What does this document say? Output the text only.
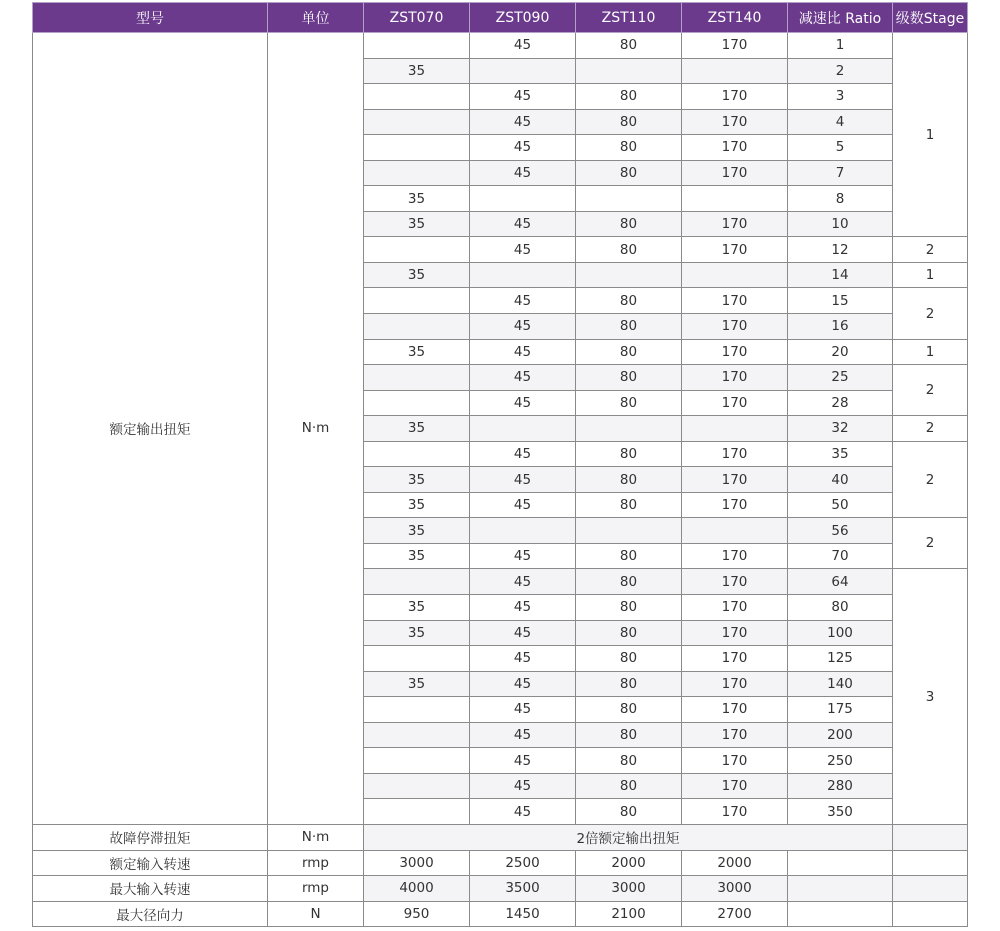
型号	单位	ZST070	ZST090	ZST110	ZST140	减速比 Ratio	级数Stage
额定输出扭矩	N·m		45	80	170	1	1
		35				2	
			45	80	170	3	
			45	80	170	4	
			45	80	170	5	
			45	80	170	7	
		35				8	
		35	45	80	170	10	
			45	80	170	12	2
		35				14	1
			45	80	170	15	2
			45	80	170	16	
		35	45	80	170	20	1
			45	80	170	25	2
			45	80	170	28	
		35				32	2
			45	80	170	35	2
		35	45	80	170	40	
		35	45	80	170	50	
		35				56	2
		35	45	80	170	70	
			45	80	170	64	3
		35	45	80	170	80	
		35	45	80	170	100	
			45	80	170	125	
		35	45	80	170	140	
			45	80	170	175	
			45	80	170	200	
			45	80	170	250	
			45	80	170	280	
			45	80	170	350	
故障停滞扭矩	N·m	2倍额定输出扭矩					
额定输入转速	rmp	3000	2500	2000	2000		
最大输入转速	rmp	4000	3500	3000	3000		
最大径向力	N	950	1450	2100	2700		
